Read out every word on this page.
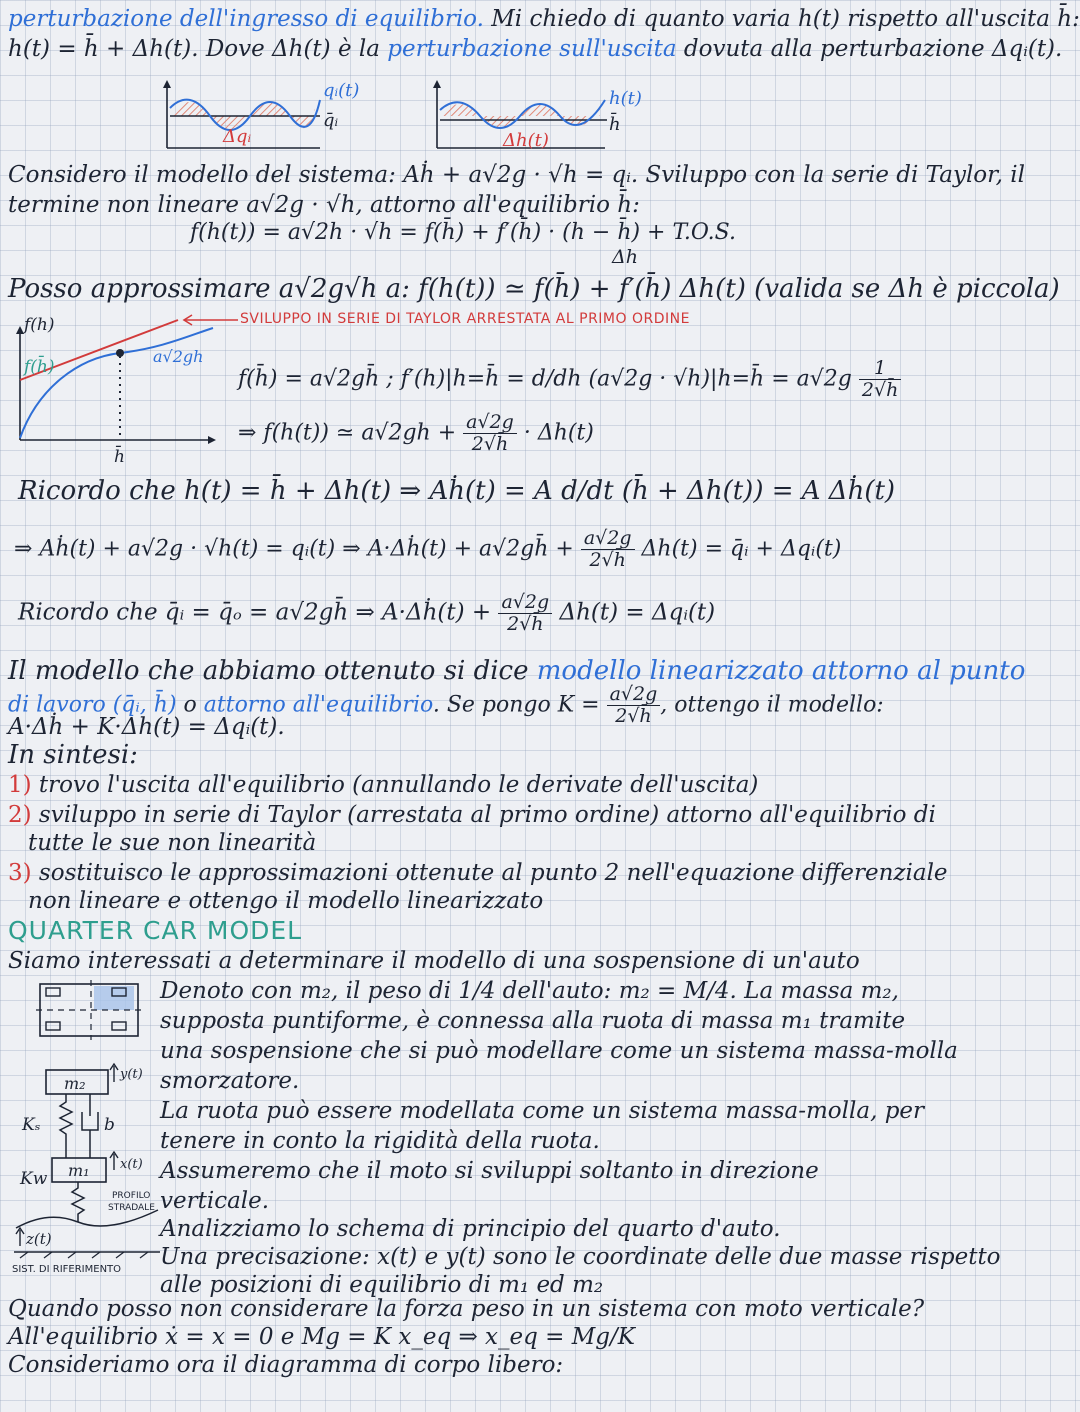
perturbazione dell'ingresso di equilibrio. Mi chiedo di quanto varia h(t) rispetto all'uscita h̄:
h(t) = h̄ + Δh(t). Dove Δh(t) è la perturbazione sull'uscita dovuta alla perturbazione Δqᵢ(t).
qᵢ(t)
q̄ᵢ
Δqᵢ
h(t)
h̄
Δh(t)
Considero il modello del sistema: Aḣ + a√2g · √h = qᵢ. Sviluppo con la serie di Taylor, il
termine non lineare a√2g · √h, attorno all'equilibrio h̄:
f(h(t)) = a√2h · √h = f(h̄) + f′(h̄) · (h − h̄) + T.O.S.
Δh
Posso approssimare a√2g√h a: f(h(t)) ≃ f(h̄) + f′(h̄) Δh(t) (valida se Δh è piccola)
SVILUPPO IN SERIE DI TAYLOR ARRESTATA AL PRIMO ORDINE
f(h)
f(h̄)
a√2gh
h̄
f(h̄) = a√2gh̄ ; f′(h)|h=h̄ = d/dh (a√2g · √h)|h=h̄ = $a√2g \frac{1}{2√h̄}$
⇒ f(h(t)) ≃ $a√2gh + \frac{a√2g}{2√h̄} \cdot \Delta h(t)$
Ricordo che h(t) = h̄ + Δh(t) ⇒ Aḣ(t) = A d/dt (h̄ + Δh(t)) = A Δḣ(t)
⇒ Aḣ(t) + a√2g · √h(t) = qᵢ(t) ⇒ A·Δḣ(t) + a√2gh̄ + $\frac{a√2g}{2√h̄} \Delta h(t)$ = q̄ᵢ + Δqᵢ(t)
Ricordo che q̄ᵢ = q̄ₒ = a√2gh̄ ⇒ A·Δḣ(t) + $\frac{a√2g}{2√h̄} \Delta h(t)$ = Δqᵢ(t)
Il modello che abbiamo ottenuto si dice modello linearizzato attorno al punto
di lavoro (q̄ᵢ, h̄) o attorno all'equilibrio. Se pongo $K = \frac{a√2g}{2√h̄}$ , ottengo il modello:
A·Δḣ + K·Δh(t) = Δqᵢ(t).
In sintesi:
1) trovo l'uscita all'equilibrio (annullando le derivate dell'uscita)
2) sviluppo in serie di Taylor (arrestata al primo ordine) attorno all'equilibrio di
tutte le sue non linearità
3) sostituisco le approssimazioni ottenute al punto 2 nell'equazione differenziale
non lineare e ottengo il modello linearizzato
QUARTER CAR MODEL
Siamo interessati a determinare il modello di una sospensione di un'auto
m₂	y(t)
Kₛ	b
m₁ x(t)
Kw
PROFILO
STRADALE
z(t)
SIST. DI RIFERIMENTO
Denoto con m₂, il peso di 1/4 dell'auto: m₂ = M/4. La massa m₂,
supposta puntiforme, è connessa alla ruota di massa m₁ tramite
una sospensione che si può modellare come un sistema massa-molla
smorzatore.
La ruota può essere modellata come un sistema massa-molla, per
tenere in conto la rigidità della ruota.
Assumeremo che il moto si sviluppi soltanto in direzione
verticale.
Analizziamo lo schema di principio del quarto d'auto.
Una precisazione: x(t) e y(t) sono le coordinate delle due masse rispetto
alle posizioni di equilibrio di m₁ ed m₂
Quando posso non considerare la forza peso in un sistema con moto verticale?
All'equilibrio ẋ = x = 0 e Mg = K x_eq ⇒ x_eq = Mg/K
Consideriamo ora il diagramma di corpo libero:
